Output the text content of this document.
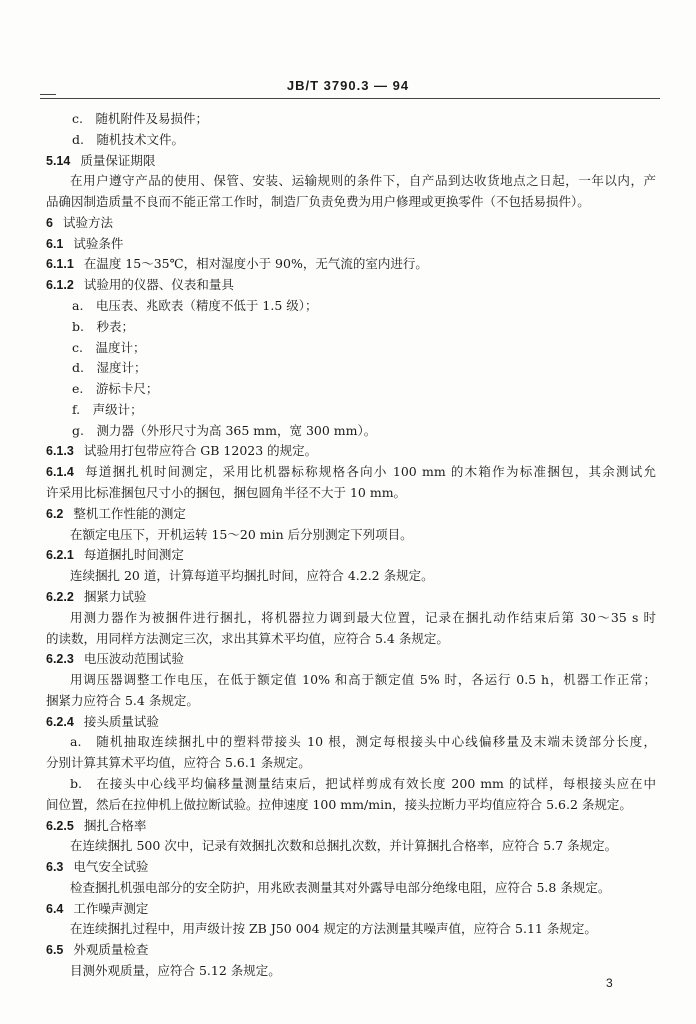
JB/T 3790.3 — 94
c.　随机附件及易损件；
d.　随机技术文件。
5.14 质量保证期限
在用户遵守产品的使用、保管、安装、运输规则的条件下，自产品到达收货地点之日起，一年以内，产
品确因制造质量不良而不能正常工作时，制造厂负责免费为用户修理或更换零件（不包括易损件）。
6 试验方法
6.1 试验条件
6.1.1 在温度 15～35℃，相对湿度小于 90%，无气流的室内进行。
6.1.2 试验用的仪器、仪表和量具
a.　电压表、兆欧表（精度不低于 1.5 级）；
b.　秒表；
c.　温度计；
d.　湿度计；
e.　游标卡尺；
f.　声级计；
g.　测力器（外形尺寸为高 365 mm，宽 300 mm）。
6.1.3 试验用打包带应符合 GB 12023 的规定。
6.1.4 每道捆扎机时间测定，采用比机器标称规格各向小 100 mm 的木箱作为标准捆包，其余测试允
许采用比标准捆包尺寸小的捆包，捆包圆角半径不大于 10 mm。
6.2 整机工作性能的测定
在额定电压下，开机运转 15～20 min 后分别测定下列项目。
6.2.1 每道捆扎时间测定
连续捆扎 20 道，计算每道平均捆扎时间，应符合 4.2.2 条规定。
6.2.2 捆紧力试验
用测力器作为被捆件进行捆扎，将机器拉力调到最大位置，记录在捆扎动作结束后第 30～35 s 时
的读数，用同样方法测定三次，求出其算术平均值，应符合 5.4 条规定。
6.2.3 电压波动范围试验
用调压器调整工作电压，在低于额定值 10% 和高于额定值 5% 时，各运行 0.5 h，机器工作正常；
捆紧力应符合 5.4 条规定。
6.2.4 接头质量试验
a.　随机抽取连续捆扎中的塑料带接头 10 根，测定每根接头中心线偏移量及末端未烫部分长度，
分别计算其算术平均值，应符合 5.6.1 条规定。
b.　在接头中心线平均偏移量测量结束后，把试样剪成有效长度 200 mm 的试样，每根接头应在中
间位置，然后在拉伸机上做拉断试验。拉伸速度 100 mm/min，接头拉断力平均值应符合 5.6.2 条规定。
6.2.5 捆扎合格率
在连续捆扎 500 次中，记录有效捆扎次数和总捆扎次数，并计算捆扎合格率，应符合 5.7 条规定。
6.3 电气安全试验
检查捆扎机强电部分的安全防护，用兆欧表测量其对外露导电部分绝缘电阻，应符合 5.8 条规定。
6.4 工作噪声测定
在连续捆扎过程中，用声级计按 ZB J50 004 规定的方法测量其噪声值，应符合 5.11 条规定。
6.5 外观质量检查
目测外观质量，应符合 5.12 条规定。
3
